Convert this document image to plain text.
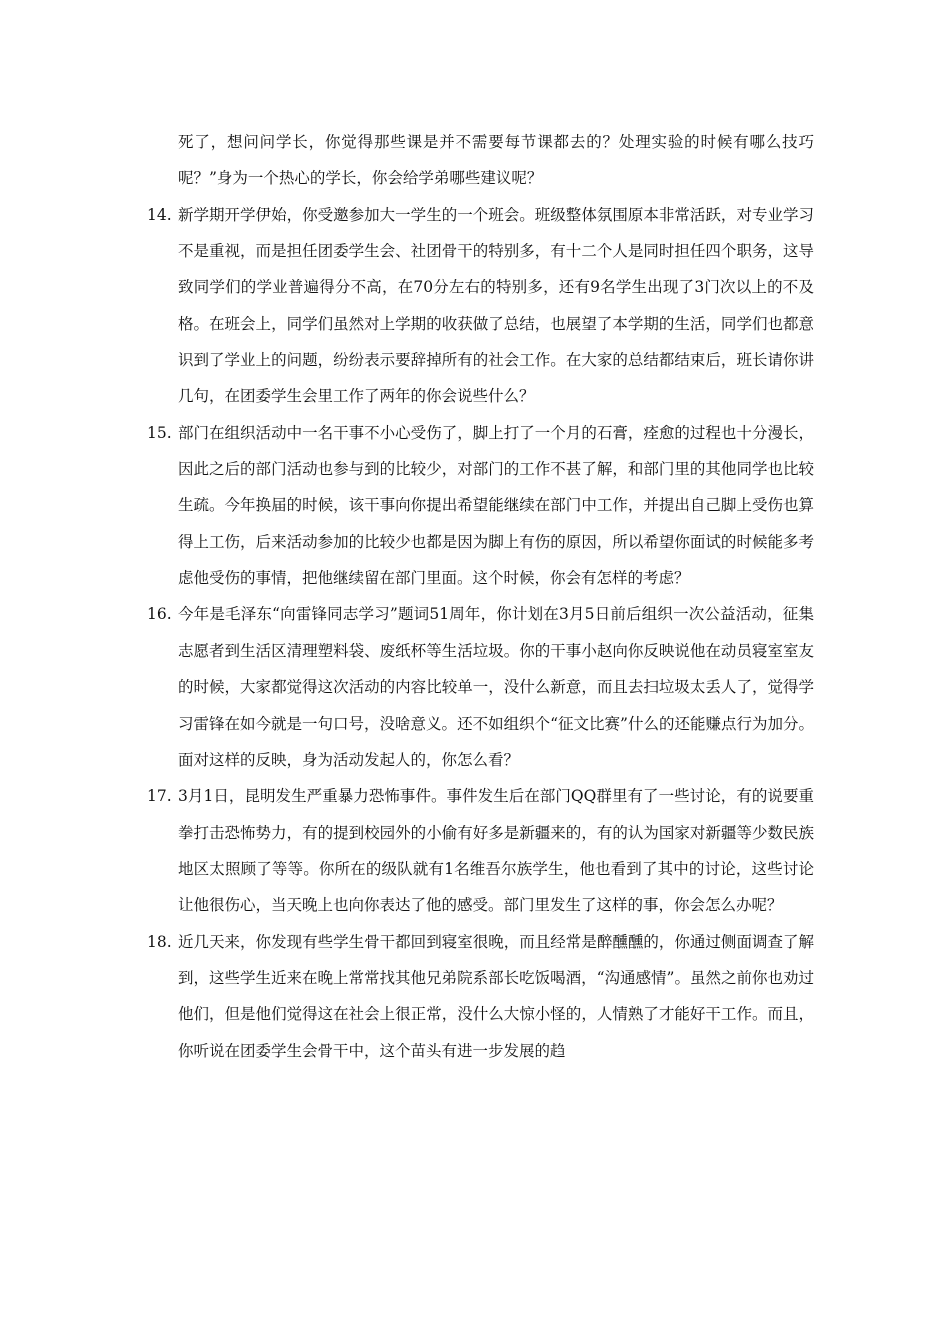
死了，想问问学长，你觉得那些课是并不需要每节课都去的？处理实验的时候有哪么技巧呢？”身为一个热心的学长，你会给学弟哪些建议呢？

14. 新学期开学伊始，你受邀参加大一学生的一个班会。班级整体氛围原本非常活跃，对专业学习不是重视，而是担任团委学生会、社团骨干的特别多，有十二个人是同时担任四个职务，这导致同学们的学业普遍得分不高，在70分左右的特别多，还有9名学生出现了3门次以上的不及格。在班会上，同学们虽然对上学期的收获做了总结，也展望了本学期的生活，同学们也都意识到了学业上的问题，纷纷表示要辞掉所有的社会工作。在大家的总结都结束后，班长请你讲几句，在团委学生会里工作了两年的你会说些什么？

15. 部门在组织活动中一名干事不小心受伤了，脚上打了一个月的石膏，痊愈的过程也十分漫长，因此之后的部门活动也参与到的比较少，对部门的工作不甚了解，和部门里的其他同学也比较生疏。今年换届的时候，该干事向你提出希望能继续在部门中工作，并提出自己脚上受伤也算得上工伤，后来活动参加的比较少也都是因为脚上有伤的原因，所以希望你面试的时候能多考虑他受伤的事情，把他继续留在部门里面。这个时候，你会有怎样的考虑？

16. 今年是毛泽东“向雷锋同志学习”题词51周年，你计划在3月5日前后组织一次公益活动，征集志愿者到生活区清理塑料袋、废纸杯等生活垃圾。你的干事小赵向你反映说他在动员寝室室友的时候，大家都觉得这次活动的内容比较单一，没什么新意，而且去扫垃圾太丢人了，觉得学习雷锋在如今就是一句口号，没啥意义。还不如组织个“征文比赛”什么的还能赚点行为加分。面对这样的反映，身为活动发起人的，你怎么看？

17. 3月1日，昆明发生严重暴力恐怖事件。事件发生后在部门QQ群里有了一些讨论，有的说要重拳打击恐怖势力，有的提到校园外的小偷有好多是新疆来的，有的认为国家对新疆等少数民族地区太照顾了等等。你所在的级队就有1名维吾尔族学生，他也看到了其中的讨论，这些讨论让他很伤心，当天晚上也向你表达了他的感受。部门里发生了这样的事，你会怎么办呢？

18. 近几天来，你发现有些学生骨干都回到寝室很晚，而且经常是醉醺醺的，你通过侧面调查了解到，这些学生近来在晚上常常找其他兄弟院系部长吃饭喝酒，“沟通感情”。虽然之前你也劝过他们，但是他们觉得这在社会上很正常，没什么大惊小怪的，人情熟了才能好干工作。而且，你听说在团委学生会骨干中，这个苗头有进一步发展的趋
